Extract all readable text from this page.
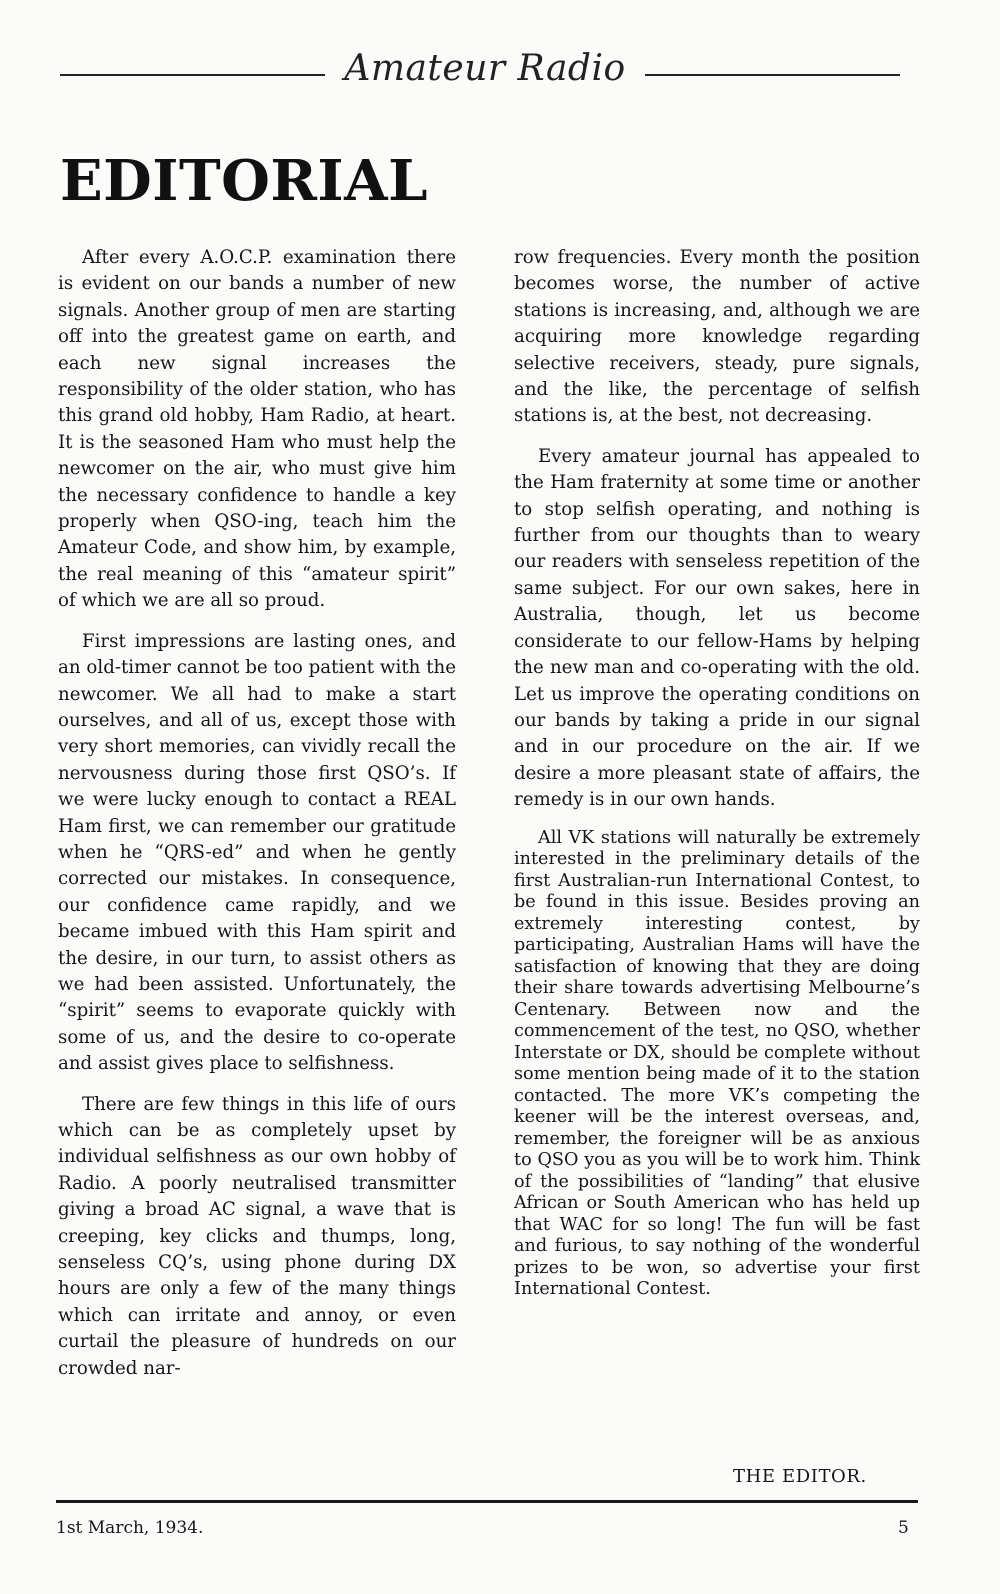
Amateur Radio
EDITORIAL

After every A.O.C.P. examination there is evident on our bands a number of new signals. Another group of men are starting off into the greatest game on earth, and each new signal increases the responsibility of the older station, who has this grand old hobby, Ham Radio, at heart. It is the seasoned Ham who must help the newcomer on the air, who must give him the necessary confidence to handle a key properly when QSO-ing, teach him the Amateur Code, and show him, by example, the real meaning of this “amateur spirit” of which we are all so proud.

First impressions are lasting ones, and an old-timer cannot be too patient with the newcomer. We all had to make a start ourselves, and all of us, except those with very short memories, can vividly recall the nervousness during those first QSO’s. If we were lucky enough to contact a REAL Ham first, we can remember our gratitude when he “QRS-ed” and when he gently corrected our mistakes. In consequence, our confidence came rapidly, and we became imbued with this Ham spirit and the desire, in our turn, to assist others as we had been assisted. Unfortunately, the “spirit” seems to evaporate quickly with some of us, and the desire to co-operate and assist gives place to selfishness.

There are few things in this life of ours which can be as completely upset by individual selfishness as our own hobby of Radio. A poorly neutralised transmitter giving a broad AC signal, a wave that is creeping, key clicks and thumps, long, senseless CQ’s, using phone during DX hours are only a few of the many things which can irritate and annoy, or even curtail the pleasure of hundreds on our crowded nar-

row frequencies. Every month the position becomes worse, the number of active stations is increasing, and, although we are acquiring more knowledge regarding selective receivers, steady, pure signals, and the like, the percentage of selfish stations is, at the best, not decreasing.

Every amateur journal has appealed to the Ham fraternity at some time or another to stop selfish operating, and nothing is further from our thoughts than to weary our readers with senseless repetition of the same subject. For our own sakes, here in Australia, though, let us become considerate to our fellow-Hams by helping the new man and co-operating with the old. Let us improve the operating conditions on our bands by taking a pride in our signal and in our procedure on the air. If we desire a more pleasant state of affairs, the remedy is in our own hands.

All VK stations will naturally be extremely interested in the preliminary details of the first Australian-run International Contest, to be found in this issue. Besides proving an extremely interesting contest, by participating, Australian Hams will have the satisfaction of knowing that they are doing their share towards advertising Melbourne’s Centenary. Between now and the commencement of the test, no QSO, whether Interstate or DX, should be complete without some mention being made of it to the station contacted. The more VK’s competing the keener will be the interest overseas, and, remember, the foreigner will be as anxious to QSO you as you will be to work him. Think of the possibilities of “landing” that elusive African or South American who has held up that WAC for so long! The fun will be fast and furious, to say nothing of the wonderful prizes to be won, so advertise your first International Contest.

THE EDITOR.
1st March, 1934.	5
